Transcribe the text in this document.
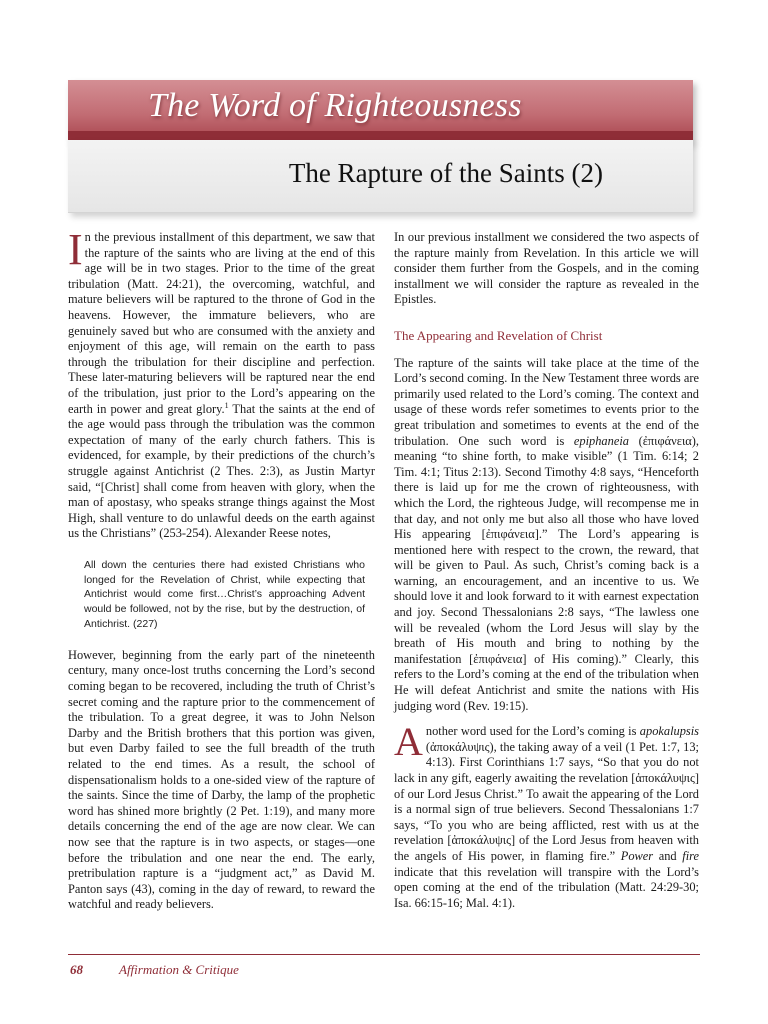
The Word of Righteousness
The Rapture of the Saints (2)

In the previous installment of this department, we saw that the rapture of the saints who are living at the end of this age will be in two stages. Prior to the time of the great tribulation (Matt. 24:21), the overcoming, watchful, and mature believers will be raptured to the throne of God in the heavens. However, the immature believers, who are genuinely saved but who are consumed with the anxiety and enjoyment of this age, will remain on the earth to pass through the tribulation for their discipline and perfection. These later-maturing believers will be raptured near the end of the tribulation, just prior to the Lord’s appearing on the earth in power and great glory.$^1$ That the saints at the end of the age would pass through the tribulation was the common expectation of many of the early church fathers. This is evidenced, for example, by their predictions of the church’s struggle against Antichrist (2 Thes. 2:3), as Justin Martyr said, “[Christ] shall come from heaven with glory, when the man of apostasy, who speaks strange things against the Most High, shall venture to do unlawful deeds on the earth against us the Christians” (253-254). Alexander Reese notes,

All down the centuries there had existed Christians who longed for the Revelation of Christ, while expecting that Antichrist would come first…Christ’s approaching Advent would be followed, not by the rise, but by the destruction, of Antichrist. (227)

However, beginning from the early part of the nineteenth century, many once-lost truths concerning the Lord’s second coming began to be recovered, including the truth of Christ’s secret coming and the rapture prior to the commencement of the tribulation. To a great degree, it was to John Nelson Darby and the British brothers that this portion was given, but even Darby failed to see the full breadth of the truth related to the end times. As a result, the school of dispensationalism holds to a one-sided view of the rapture of the saints. Since the time of Darby, the lamp of the prophetic word has shined more brightly (2 Pet. 1:19), and many more details concerning the end of the age are now clear. We can now see that the rapture is in two aspects, or stages—one before the tribulation and one near the end. The early, pretribulation rapture is a “judgment act,” as David M. Panton says (43), coming in the day of reward, to reward the watchful and ready believers.

In our previous installment we considered the two aspects of the rapture mainly from Revelation. In this article we will consider them further from the Gospels, and in the coming installment we will consider the rapture as revealed in the Epistles.

The Appearing and Revelation of Christ

The rapture of the saints will take place at the time of the Lord’s second coming. In the New Testament three words are primarily used related to the Lord’s coming. The context and usage of these words refer sometimes to events prior to the great tribulation and sometimes to events at the end of the tribulation. One such word is epiphaneia (ἐπιφάνεια), meaning “to shine forth, to make visible” (1 Tim. 6:14; 2 Tim. 4:1; Titus 2:13). Second Timothy 4:8 says, “Henceforth there is laid up for me the crown of righteousness, with which the Lord, the righteous Judge, will recompense me in that day, and not only me but also all those who have loved His appearing [ἐπιφάνεια].” The Lord’s appearing is mentioned here with respect to the crown, the reward, that will be given to Paul. As such, Christ’s coming back is a warning, an encouragement, and an incentive to us. We should love it and look forward to it with earnest expectation and joy. Second Thessalonians 2:8 says, “The lawless one will be revealed (whom the Lord Jesus will slay by the breath of His mouth and bring to nothing by the manifestation [ἐπιφάνεια] of His coming).” Clearly, this refers to the Lord’s coming at the end of the tribulation when He will defeat Antichrist and smite the nations with His judging word (Rev. 19:15).

Another word used for the Lord’s coming is apokalupsis (ἀποκάλυψις), the taking away of a veil (1 Pet. 1:7, 13; 4:13). First Corinthians 1:7 says, “So that you do not lack in any gift, eagerly awaiting the revelation [ἀποκάλυψις] of our Lord Jesus Christ.” To await the appearing of the Lord is a normal sign of true believers. Second Thessalonians 1:7 says, “To you who are being afflicted, rest with us at the revelation [ἀποκάλυψις] of the Lord Jesus from heaven with the angels of His power, in flaming fire.” Power and fire indicate that this revelation will transpire with the Lord’s open coming at the end of the tribulation (Matt. 24:29-30; Isa. 66:15-16; Mal. 4:1).

68	Affirmation & Critique
